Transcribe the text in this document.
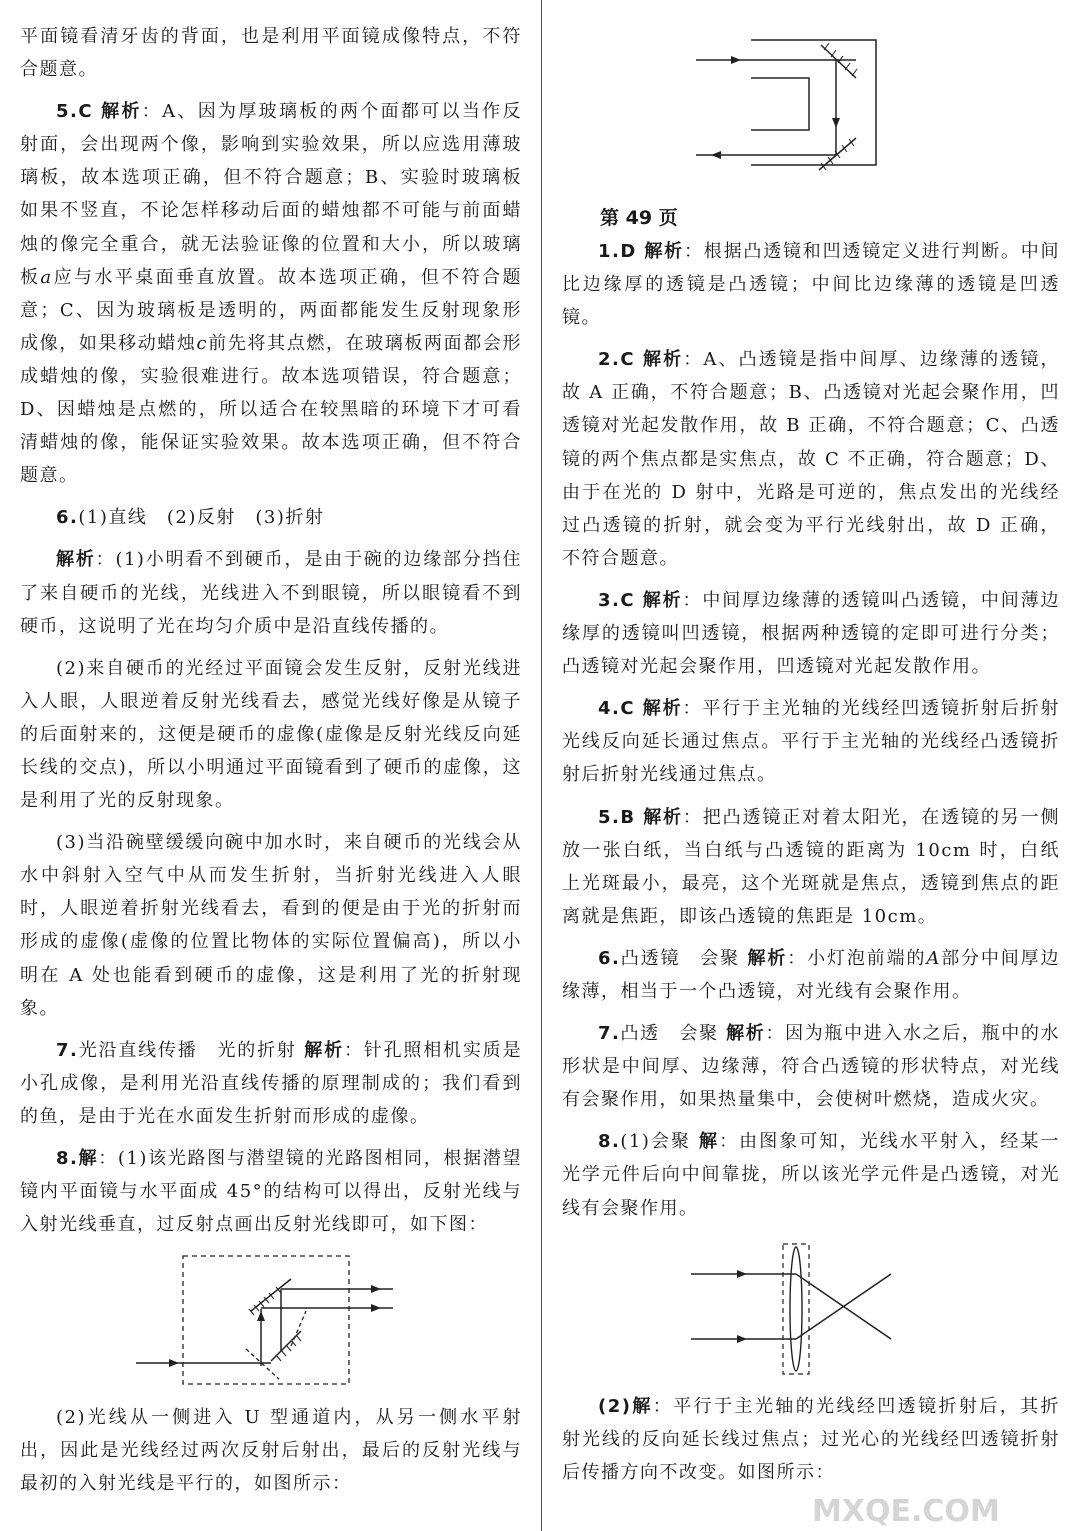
平面镜看清牙齿的背面，也是利用平面镜成像特点，不符合题意。

5.C 解析：A、因为厚玻璃板的两个面都可以当作反射面，会出现两个像，影响到实验效果，所以应选用薄玻璃板，故本选项正确，但不符合题意；B、实验时玻璃板如果不竖直，不论怎样移动后面的蜡烛都不可能与前面蜡烛的像完全重合，就无法验证像的位置和大小，所以玻璃板a应与水平桌面垂直放置。故本选项正确，但不符合题意；C、因为玻璃板是透明的，两面都能发生反射现象形成像，如果移动蜡烛c前先将其点燃，在玻璃板两面都会形成蜡烛的像，实验很难进行。故本选项错误，符合题意；D、因蜡烛是点燃的，所以适合在较黑暗的环境下才可看清蜡烛的像，能保证实验效果。故本选项正确，但不符合题意。

6.(1)直线　(2)反射　(3)折射

解析：(1)小明看不到硬币，是由于碗的边缘部分挡住了来自硬币的光线，光线进入不到眼镜，所以眼镜看不到硬币，这说明了光在均匀介质中是沿直线传播的。

(2)来自硬币的光经过平面镜会发生反射，反射光线进入人眼，人眼逆着反射光线看去，感觉光线好像是从镜子的后面射来的，这便是硬币的虚像(虚像是反射光线反向延长线的交点)，所以小明通过平面镜看到了硬币的虚像，这是利用了光的反射现象。

(3)当沿碗壁缓缓向碗中加水时，来自硬币的光线会从水中斜射入空气中从而发生折射，当折射光线进入人眼时，人眼逆着折射光线看去，看到的便是由于光的折射而形成的虚像(虚像的位置比物体的实际位置偏高)，所以小明在 A 处也能看到硬币的虚像，这是利用了光的折射现象。

7.光沿直线传播　光的折射 解析：针孔照相机实质是小孔成像，是利用光沿直线传播的原理制成的；我们看到的鱼，是由于光在水面发生折射而形成的虚像。

8.解：(1)该光路图与潜望镜的光路图相同，根据潜望镜内平面镜与水平面成 45°的结构可以得出，反射光线与入射光线垂直，过反射点画出反射光线即可，如下图：

(2)光线从一侧进入 U 型通道内，从另一侧水平射出，因此是光线经过两次反射后射出，最后的反射光线与最初的入射光线是平行的，如图所示：

第 49 页

1.D 解析：根据凸透镜和凹透镜定义进行判断。中间比边缘厚的透镜是凸透镜；中间比边缘薄的透镜是凹透镜。

2.C 解析：A、凸透镜是指中间厚、边缘薄的透镜，故 A 正确，不符合题意；B、凸透镜对光起会聚作用，凹透镜对光起发散作用，故 B 正确，不符合题意；C、凸透镜的两个焦点都是实焦点，故 C 不正确，符合题意；D、由于在光的 D 射中，光路是可逆的，焦点发出的光线经过凸透镜的折射，就会变为平行光线射出，故 D 正确，不符合题意。

3.C 解析：中间厚边缘薄的透镜叫凸透镜，中间薄边缘厚的透镜叫凹透镜，根据两种透镜的定即可进行分类；凸透镜对光起会聚作用，凹透镜对光起发散作用。

4.C 解析：平行于主光轴的光线经凹透镜折射后折射光线反向延长通过焦点。平行于主光轴的光线经凸透镜折射后折射光线通过焦点。

5.B 解析：把凸透镜正对着太阳光，在透镜的另一侧放一张白纸，当白纸与凸透镜的距离为 10cm 时，白纸上光斑最小，最亮，这个光斑就是焦点，透镜到焦点的距离就是焦距，即该凸透镜的焦距是 10cm。

6.凸透镜　会聚 解析：小灯泡前端的A部分中间厚边缘薄，相当于一个凸透镜，对光线有会聚作用。

7.凸透　会聚 解析：因为瓶中进入水之后，瓶中的水形状是中间厚、边缘薄，符合凸透镜的形状特点，对光线有会聚作用，如果热量集中，会使树叶燃烧，造成火灾。

8.(1)会聚 解：由图象可知，光线水平射入，经某一光学元件后向中间靠拢，所以该光学元件是凸透镜，对光线有会聚作用。

(2)解：平行于主光轴的光线经凹透镜折射后，其折射光线的反向延长线过焦点；过光心的光线经凹透镜折射后传播方向不改变。如图所示：

MXQE.COM
